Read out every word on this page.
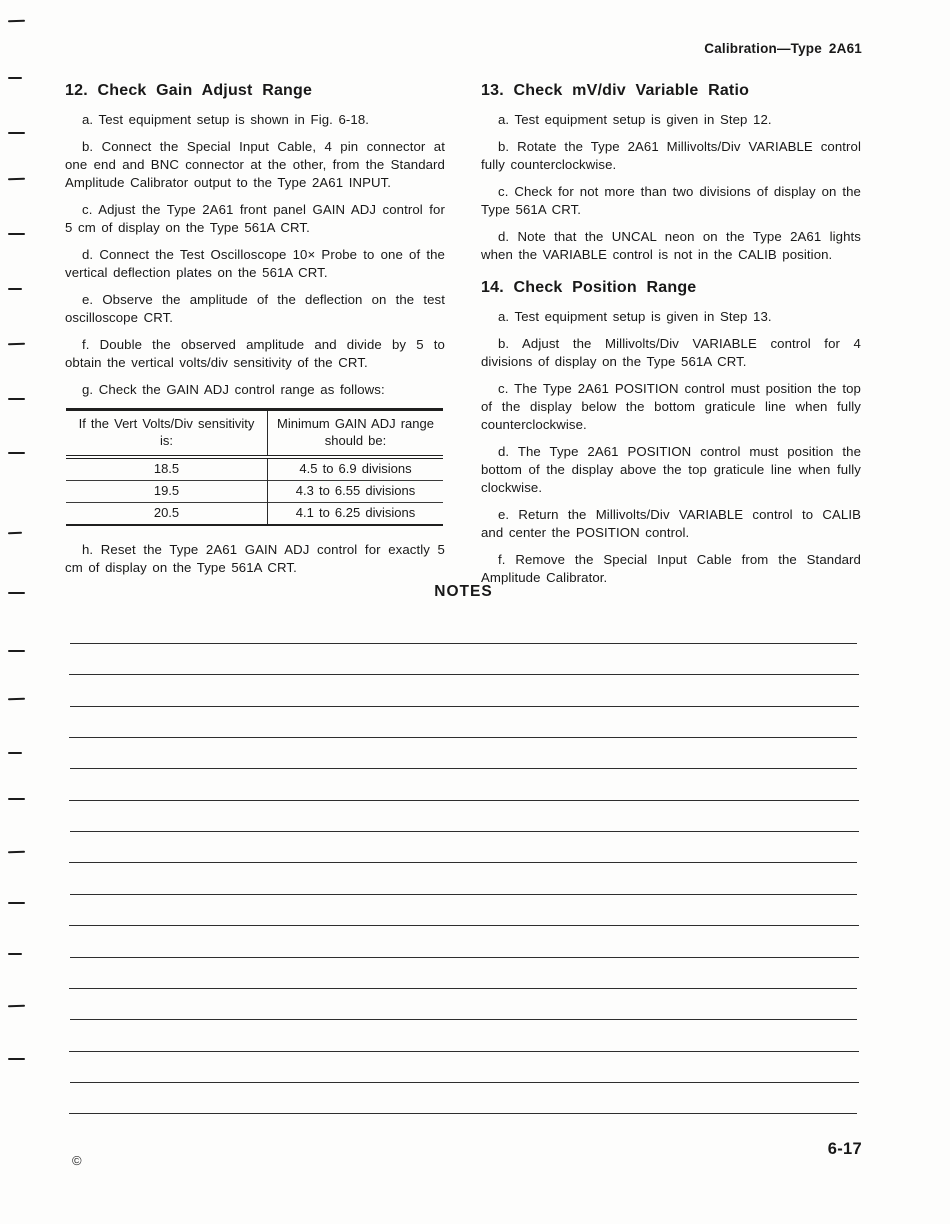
Calibration—Type 2A61
12. Check Gain Adjust Range

a. Test equipment setup is shown in Fig. 6-18.

b. Connect the Special Input Cable, 4 pin connector at one end and BNC connector at the other, from the Standard Amplitude Calibrator output to the Type 2A61 INPUT.

c. Adjust the Type 2A61 front panel GAIN ADJ control for 5 cm of display on the Type 561A CRT.

d. Connect the Test Oscilloscope 10× Probe to one of the vertical deflection plates on the 561A CRT.

e. Observe the amplitude of the deflection on the test oscilloscope CRT.

f. Double the observed amplitude and divide by 5 to obtain the vertical volts/div sensitivity of the CRT.

g. Check the GAIN ADJ control range as follows:

If the Vert Volts/Div sensitivity is:	Minimum GAIN ADJ range should be:
18.5	4.5 to 6.9 divisions
19.5	4.3 to 6.55 divisions
20.5	4.1 to 6.25 divisions

h. Reset the Type 2A61 GAIN ADJ control for exactly 5 cm of display on the Type 561A CRT.

13. Check mV/div Variable Ratio

a. Test equipment setup is given in Step 12.

b. Rotate the Type 2A61 Millivolts/Div VARIABLE control fully counterclockwise.

c. Check for not more than two divisions of display on the Type 561A CRT.

d. Note that the UNCAL neon on the Type 2A61 lights when the VARIABLE control is not in the CALIB position.

14. Check Position Range

a. Test equipment setup is given in Step 13.

b. Adjust the Millivolts/Div VARIABLE control for 4 divisions of display on the Type 561A CRT.

c. The Type 2A61 POSITION control must position the top of the display below the bottom graticule line when fully counterclockwise.

d. The Type 2A61 POSITION control must position the bottom of the display above the top graticule line when fully clockwise.

e. Return the Millivolts/Div VARIABLE control to CALIB and center the POSITION control.

f. Remove the Special Input Cable from the Standard Amplitude Calibrator.

NOTES
©
6-17
